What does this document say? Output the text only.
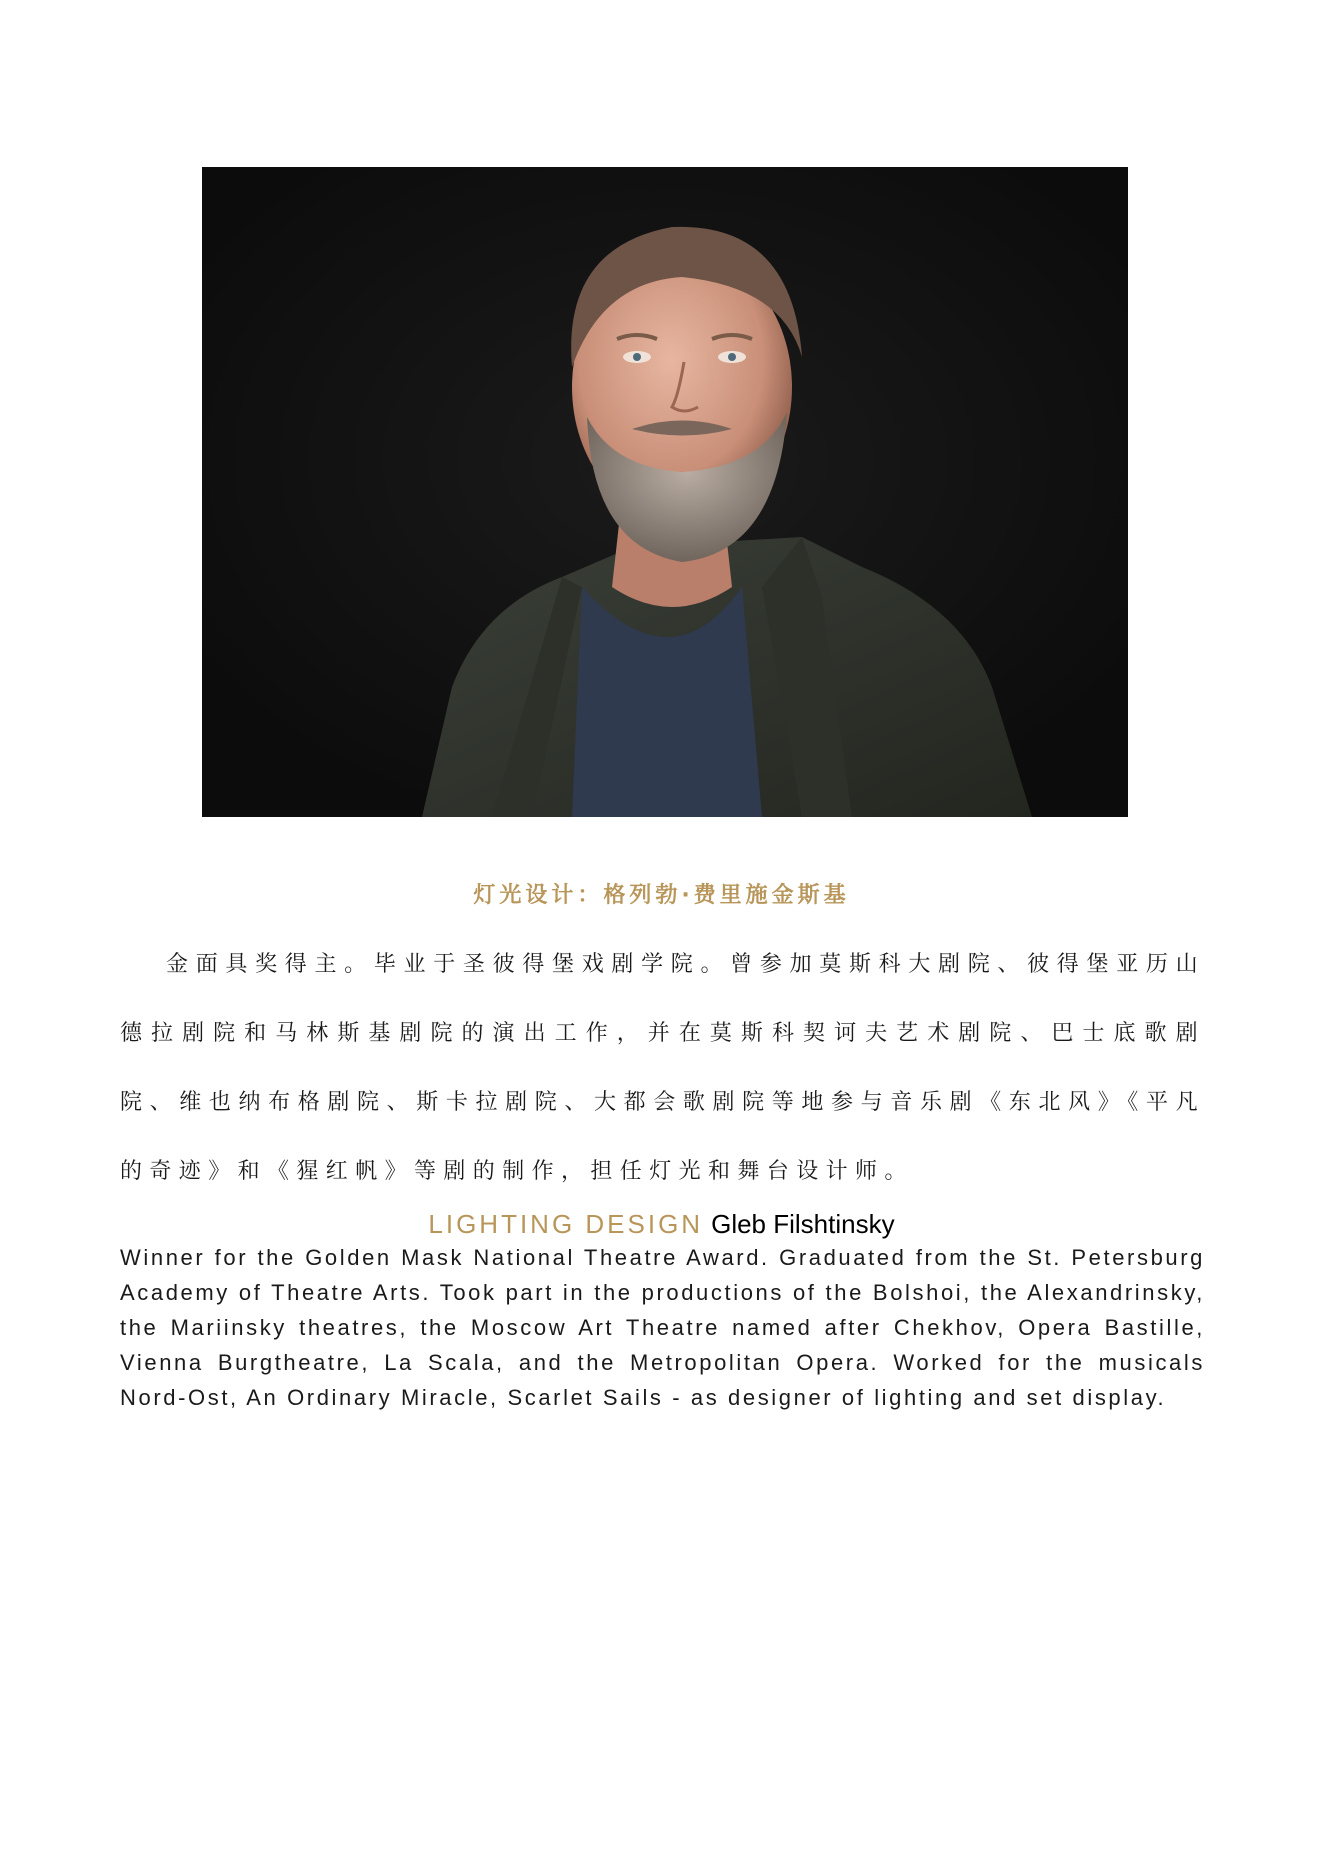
灯光设计：格列勃·费里施金斯基

金面具奖得主。毕业于圣彼得堡戏剧学院。曾参加莫斯科大剧院、彼得堡亚历山德拉剧院和马林斯基剧院的演出工作，并在莫斯科契诃夫艺术剧院、巴士底歌剧院、维也纳布格剧院、斯卡拉剧院、大都会歌剧院等地参与音乐剧《东北风》《平凡的奇迹》和《猩红帆》等剧的制作，担任灯光和舞台设计师。

LIGHTING DESIGN Gleb Filshtinsky

Winner for the Golden Mask National Theatre Award. Graduated from the St. Petersburg Academy of Theatre Arts. Took part in the productions of the Bolshoi, the Alexandrinsky, the Mariinsky theatres, the Moscow Art Theatre named after Chekhov, Opera Bastille, Vienna Burgtheatre, La Scala, and the Metropolitan Opera. Worked for the musicals Nord-Ost, An Ordinary Miracle, Scarlet Sails - as designer of lighting and set display.
